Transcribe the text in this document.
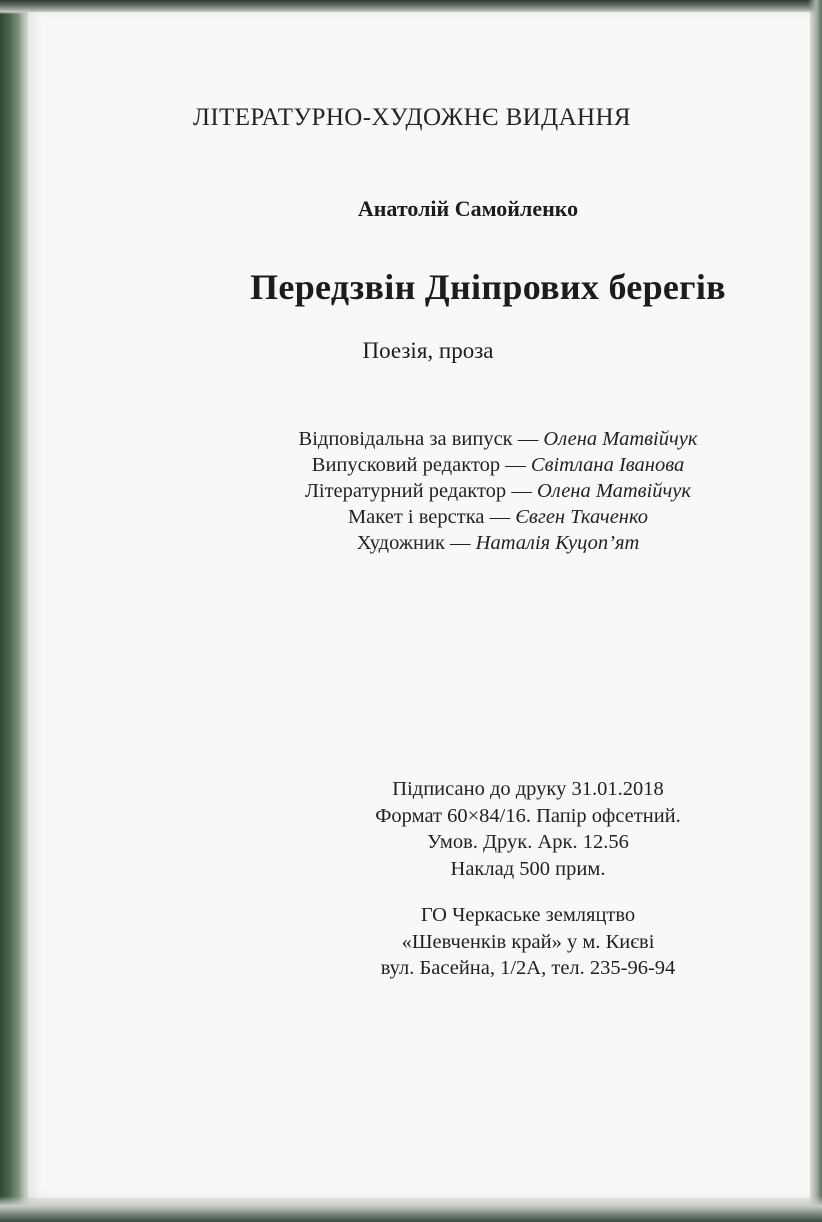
ЛІТЕРАТУРНО-ХУДОЖНЄ ВИДАННЯ
Анатолій Самойленко
Передзвін Дніпрових берегів
Поезія, проза
Відповідальна за випуск — Олена Матвійчук
Випусковий редактор — Світлана Іванова
Літературний редактор — Олена Матвійчук
Макет і верстка — Євген Ткаченко
Художник — Наталія Куцоп’ят
Підписано до друку 31.01.2018
Формат 60×84/16. Папір офсетний.
Умов. Друк. Арк. 12.56
Наклад 500 прим.
ГО Черкаське земляцтво
«Шевченків край» у м. Києві
вул. Басейна, 1/2А, тел. 235-96-94
